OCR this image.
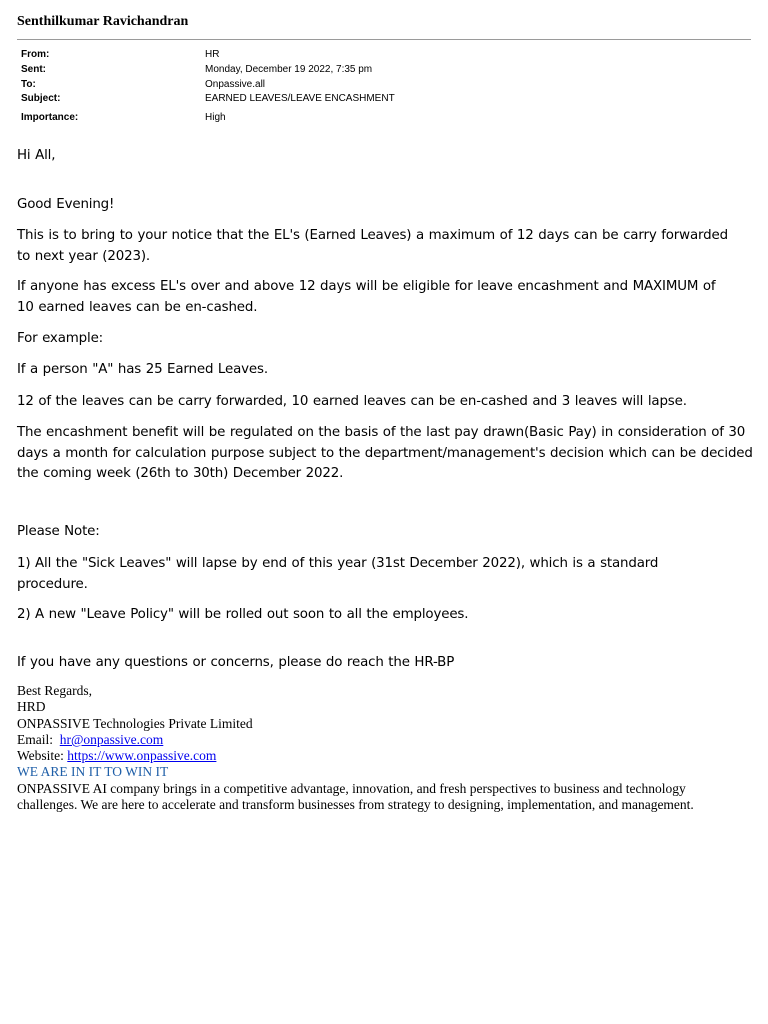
Senthilkumar Ravichandran
From:	HR
Sent:	Monday, December 19 2022, 7:35 pm
To:	Onpassive.all
Subject:	EARNED LEAVES/LEAVE ENCASHMENT
Importance:	High
Hi All,
Good Evening!
This is to bring to your notice that the EL's (Earned Leaves) a maximum of 12 days can be carry forwarded to next year (2023).
If anyone has excess EL's over and above 12 days will be eligible for leave encashment and MAXIMUM of 10 earned leaves can be en-cashed.
For example:
If a person "A" has 25 Earned Leaves.
12 of the leaves can be carry forwarded, 10 earned leaves can be en-cashed and 3 leaves will lapse.
The encashment benefit will be regulated on the basis of the last pay drawn(Basic Pay) in consideration of 30 days a month for calculation purpose subject to the department/management's decision which can be decided the coming week (26th to 30th) December 2022.
Please Note:
1) All the "Sick Leaves" will lapse by end of this year (31st December 2022), which is a standard procedure.
2) A new "Leave Policy" will be rolled out soon to all the employees.
If you have any questions or concerns, please do reach the HR-BP
Best Regards,
HRD
ONPASSIVE Technologies Private Limited
Email: hr@onpassive.com
Website: https://www.onpassive.com
WE ARE IN IT TO WIN IT
ONPASSIVE AI company brings in a competitive advantage, innovation, and fresh perspectives to business and technology challenges. We are here to accelerate and transform businesses from strategy to designing, implementation, and management.
